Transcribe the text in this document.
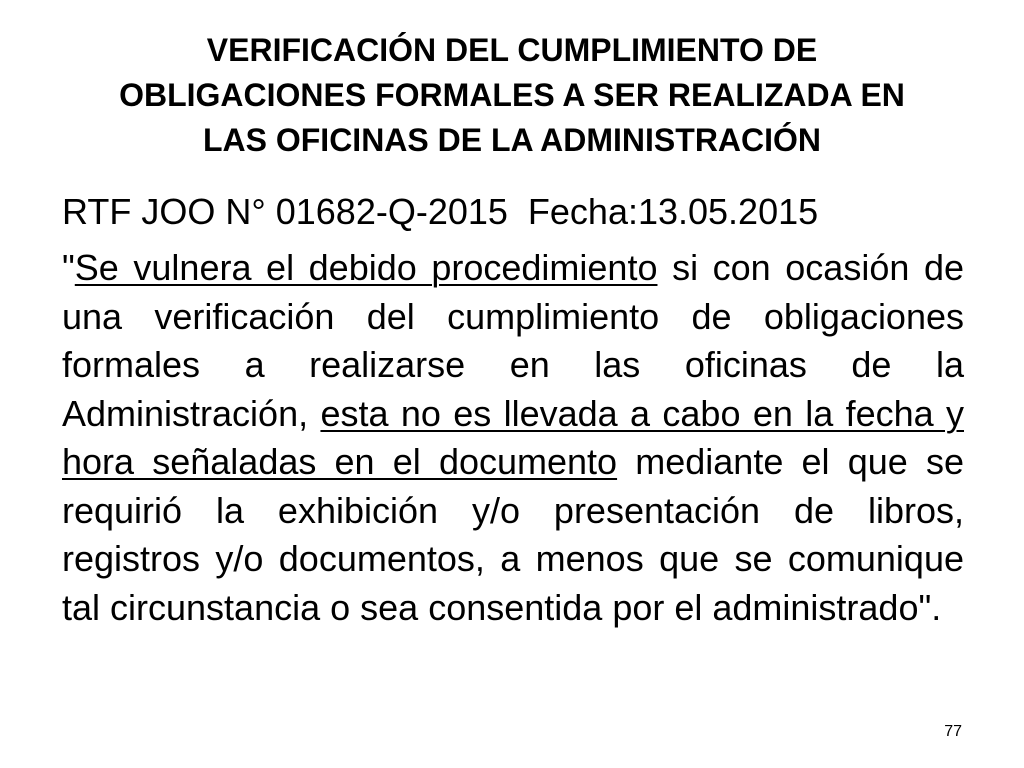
VERIFICACIÓN DEL CUMPLIMIENTO DE
OBLIGACIONES FORMALES A SER REALIZADA EN
LAS OFICINAS DE LA ADMINISTRACIÓN

RTF JOO N° 01682-Q-2015  Fecha:13.05.2015

"Se vulnera el debido procedimiento si con ocasión de una verificación del cumplimiento de obligaciones formales a realizarse en las oficinas de la Administración, esta no es llevada a cabo en la fecha y hora señaladas en el documento mediante el que se requirió la exhibición y/o presentación de libros, registros y/o documentos, a menos que se comunique tal circunstancia o sea consentida por el administrado".

77
